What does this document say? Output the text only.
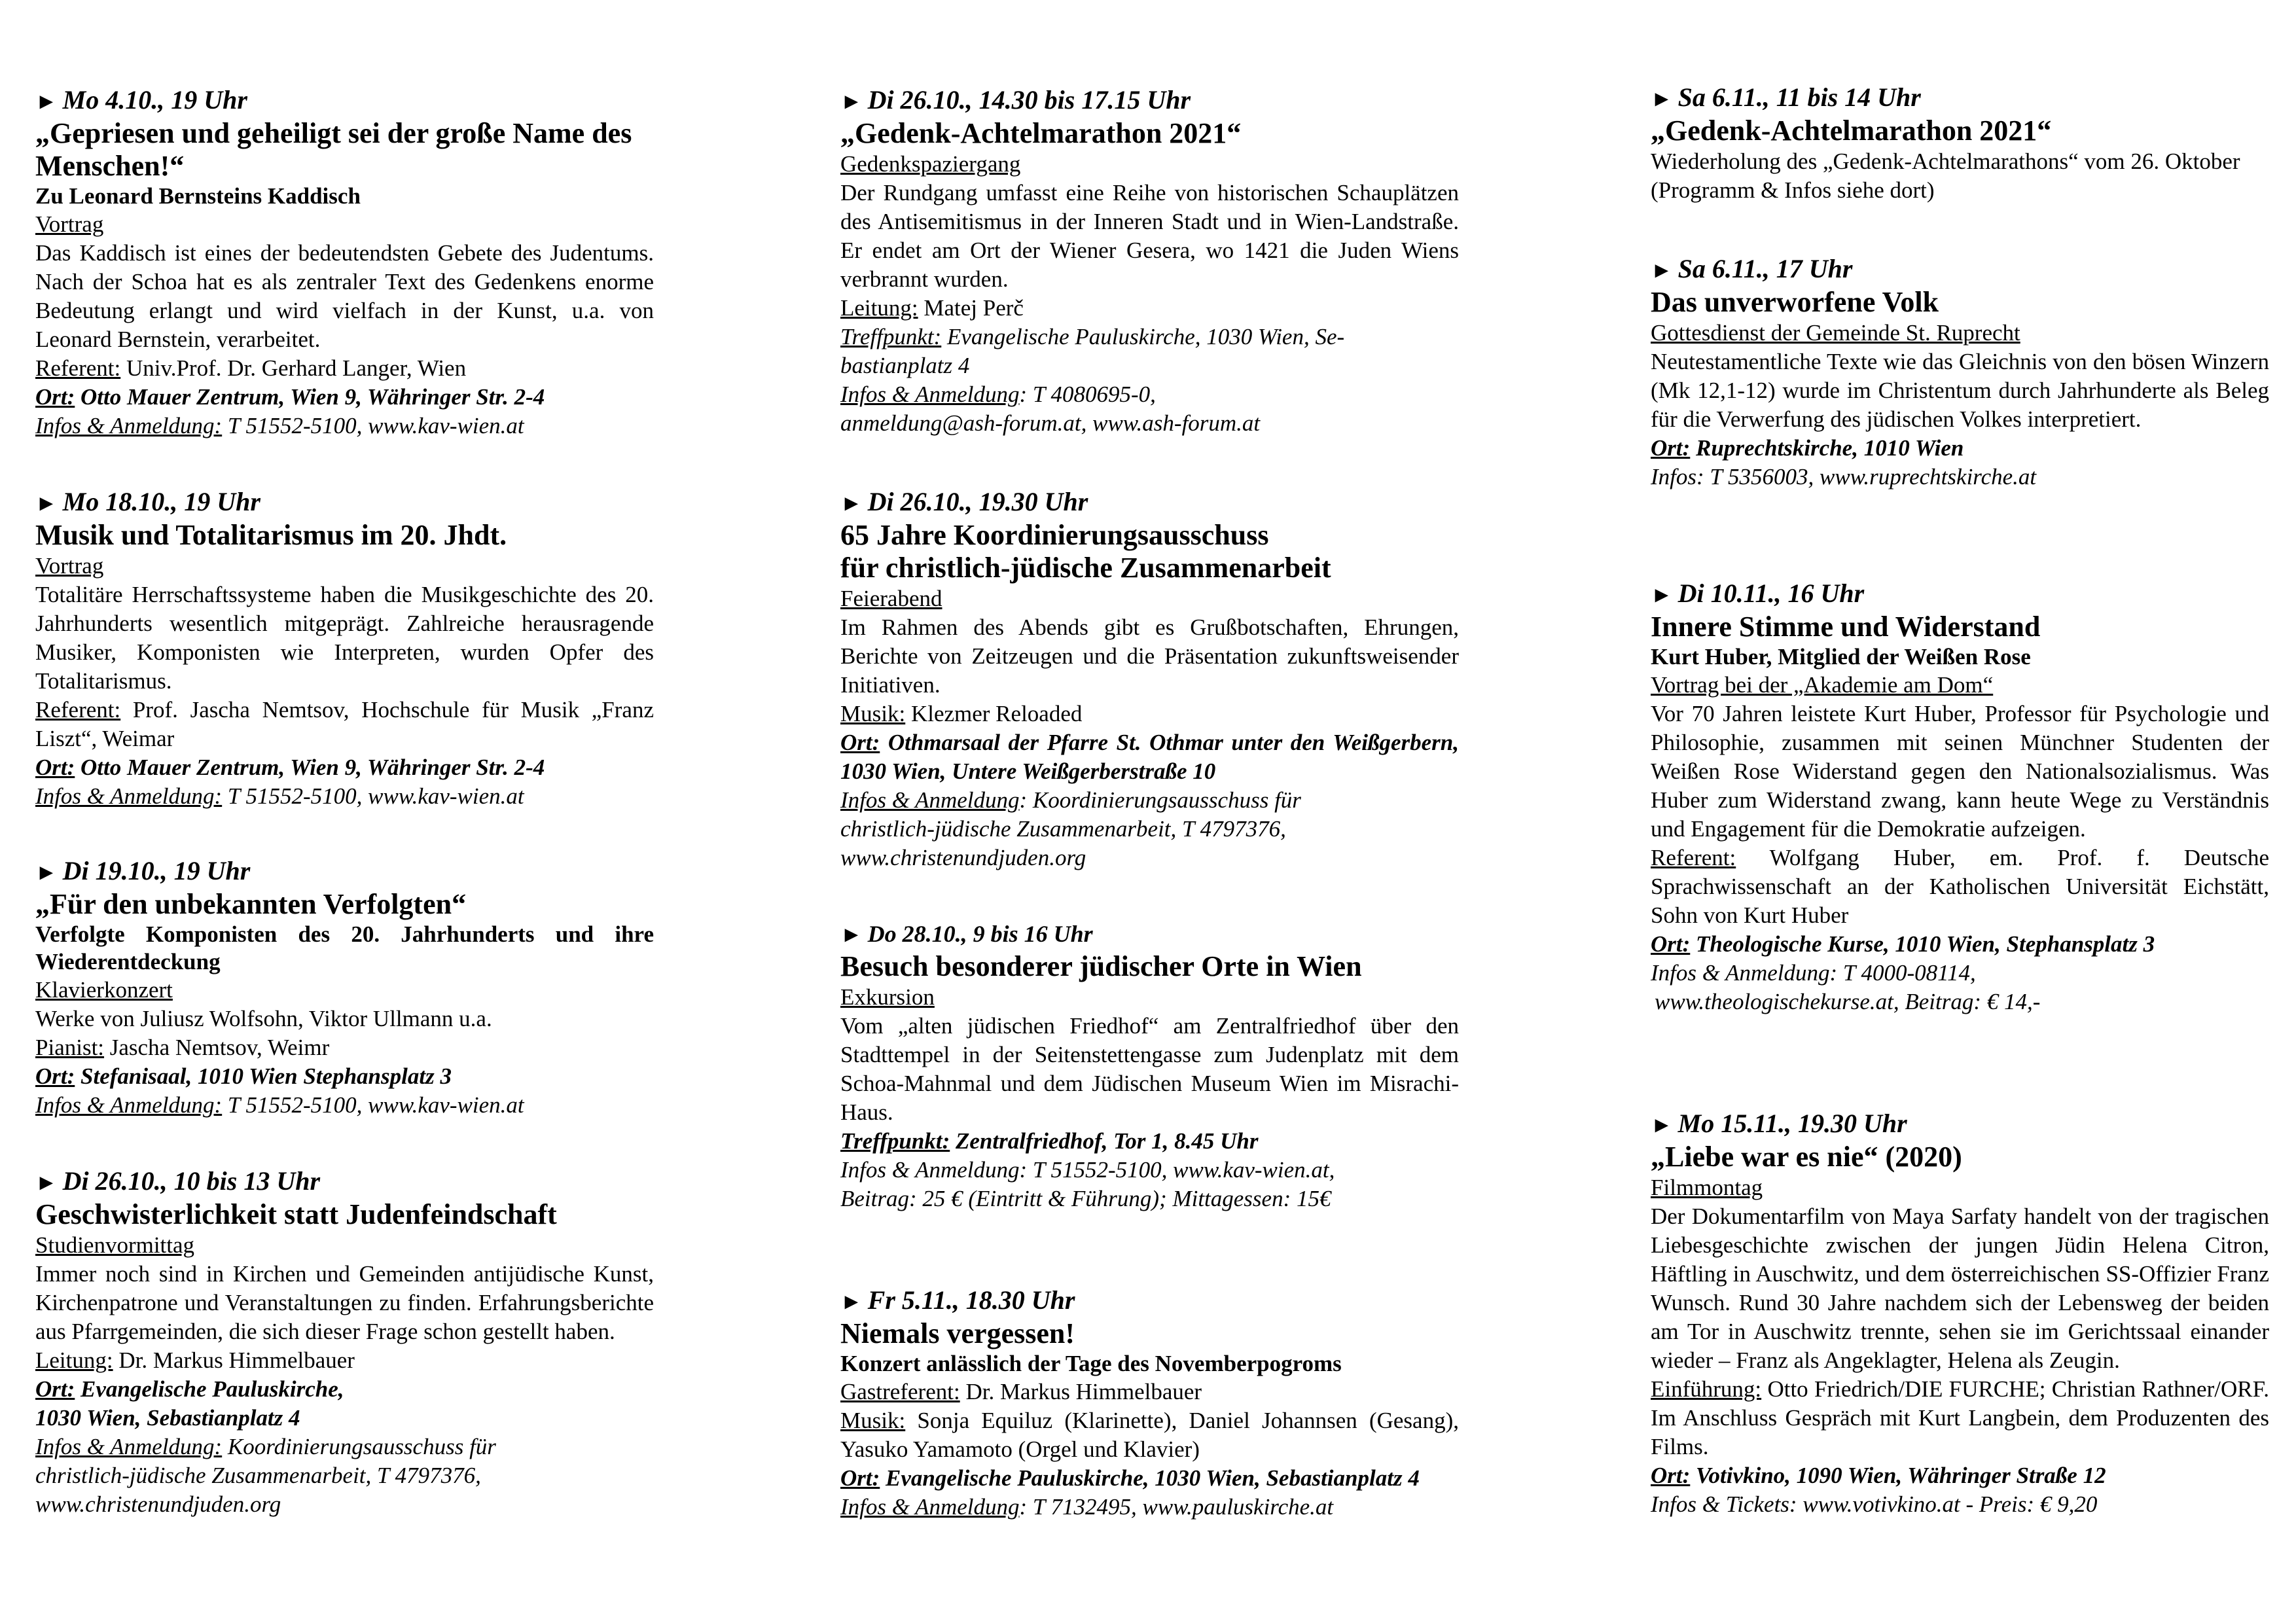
► Mo 4.10., 19 Uhr
„Gepriesen und geheiligt sei der große Name des Menschen!“
Zu Leonard Bernsteins Kaddisch
Vortrag
Das Kaddisch ist eines der bedeutendsten Gebete des Judentums. Nach der Schoa hat es als zentraler Text des Gedenkens enorme Bedeutung erlangt und wird vielfach in der Kunst, u.a. von Leonard Bernstein, verarbeitet.
Referent: Univ.Prof. Dr. Gerhard Langer, Wien
Ort: Otto Mauer Zentrum, Wien 9, Währinger Str. 2-4
Infos & Anmeldung: T 51552-5100, www.kav-wien.at
► Mo 18.10., 19 Uhr
Musik und Totalitarismus im 20. Jhdt.
Vortrag
Totalitäre Herrschaftssysteme haben die Musikgeschichte des 20. Jahrhunderts wesentlich mitgeprägt. Zahlreiche herausragende Musiker, Komponisten wie Interpreten, wurden Opfer des Totalitarismus.
Referent: Prof. Jascha Nemtsov, Hochschule für Musik „Franz Liszt“, Weimar
Ort: Otto Mauer Zentrum, Wien 9, Währinger Str. 2-4
Infos & Anmeldung: T 51552-5100, www.kav-wien.at
► Di 19.10., 19 Uhr
„Für den unbekannten Verfolgten“
Verfolgte Komponisten des 20. Jahrhunderts und ihre Wiederentdeckung
Klavierkonzert
Werke von Juliusz Wolfsohn, Viktor Ullmann u.a.
Pianist: Jascha Nemtsov, Weimr
Ort: Stefanisaal, 1010 Wien Stephansplatz 3
Infos & Anmeldung: T 51552-5100, www.kav-wien.at
► Di 26.10., 10 bis 13 Uhr
Geschwisterlichkeit statt Judenfeindschaft
Studienvormittag
Immer noch sind in Kirchen und Gemeinden antijüdische Kunst, Kirchenpatrone und Veranstaltungen zu finden. Erfahrungsberichte aus Pfarrgemeinden, die sich dieser Frage schon gestellt haben.
Leitung: Dr. Markus Himmelbauer
Ort: Evangelische Pauluskirche,
1030 Wien, Sebastianplatz 4
Infos & Anmeldung: Koordinierungsausschuss für
christlich-jüdische Zusammenarbeit, T 4797376,
www.christenundjuden.org
► Di 26.10., 14.30 bis 17.15 Uhr
„Gedenk-Achtelmarathon 2021“
Gedenkspaziergang
Der Rundgang umfasst eine Reihe von historischen Schauplätzen des Antisemitismus in der Inneren Stadt und in Wien-Landstraße. Er endet am Ort der Wiener Gesera, wo 1421 die Juden Wiens verbrannt wurden.
Leitung: Matej Perč
Treffpunkt: Evangelische Pauluskirche, 1030 Wien, Se-
bastianplatz 4
Infos & Anmeldung: T 4080695-0,
anmeldung@ash-forum.at, www.ash-forum.at
► Di 26.10., 19.30 Uhr
65 Jahre Koordinierungsausschuss
für christlich-jüdische Zusammenarbeit
Feierabend
Im Rahmen des Abends gibt es Grußbotschaften, Ehrungen, Berichte von Zeitzeugen und die Präsentation zukunftsweisender Initiativen.
Musik: Klezmer Reloaded
Ort: Othmarsaal der Pfarre St. Othmar unter den Weißgerbern, 1030 Wien, Untere Weißgerberstraße 10
Infos & Anmeldung: Koordinierungsausschuss für
christlich-jüdische Zusammenarbeit, T 4797376,
www.christenundjuden.org
► Do 28.10., 9 bis 16 Uhr
Besuch besonderer jüdischer Orte in Wien
Exkursion
Vom „alten jüdischen Friedhof“ am Zentralfriedhof über den Stadttempel in der Seitenstettengasse zum Judenplatz mit dem Schoa-Mahnmal und dem Jüdischen Museum Wien im Misrachi-Haus.
Treffpunkt: Zentralfriedhof, Tor 1, 8.45 Uhr
Infos & Anmeldung: T 51552-5100, www.kav-wien.at,
Beitrag: 25 € (Eintritt & Führung); Mittagessen: 15€
► Fr 5.11., 18.30 Uhr
Niemals vergessen!
Konzert anlässlich der Tage des Novemberpogroms
Gastreferent: Dr. Markus Himmelbauer
Musik: Sonja Equiluz (Klarinette), Daniel Johannsen (Gesang), Yasuko Yamamoto (Orgel und Klavier)
Ort: Evangelische Pauluskirche, 1030 Wien, Sebastianplatz 4
Infos & Anmeldung: T 7132495, www.pauluskirche.at
► Sa 6.11., 11 bis 14 Uhr
„Gedenk-Achtelmarathon 2021“
Wiederholung des „Gedenk-Achtelmarathons“ vom 26. Oktober (Programm & Infos siehe dort)
► Sa 6.11., 17 Uhr
Das unverworfene Volk
Gottesdienst der Gemeinde St. Ruprecht
Neutestamentliche Texte wie das Gleichnis von den bösen Winzern (Mk 12,1-12) wurde im Christentum durch Jahrhunderte als Beleg für die Verwerfung des jüdischen Volkes interpretiert.
Ort: Ruprechtskirche, 1010 Wien
Infos: T 5356003, www.ruprechtskirche.at
► Di 10.11., 16 Uhr
Innere Stimme und Widerstand
Kurt Huber, Mitglied der Weißen Rose
Vortrag bei der „Akademie am Dom“
Vor 70 Jahren leistete Kurt Huber, Professor für Psychologie und Philosophie, zusammen mit seinen Münchner Studenten der Weißen Rose Widerstand gegen den Nationalsozialismus. Was Huber zum Widerstand zwang, kann heute Wege zu Verständnis und Engagement für die Demokratie aufzeigen.
Referent: Wolfgang Huber, em. Prof. f. Deutsche Sprachwissenschaft an der Katholischen Universität Eichstätt, Sohn von Kurt Huber
Ort: Theologische Kurse, 1010 Wien, Stephansplatz 3
Infos & Anmeldung: T 4000-08114,
www.theologischekurse.at, Beitrag: € 14,-
► Mo 15.11., 19.30 Uhr
„Liebe war es nie“ (2020)
Filmmontag
Der Dokumentarfilm von Maya Sarfaty handelt von der tragischen Liebesgeschichte zwischen der jungen Jüdin Helena Citron, Häftling in Auschwitz, und dem österreichischen SS-Offizier Franz Wunsch. Rund 30 Jahre nachdem sich der Lebensweg der beiden am Tor in Auschwitz trennte, sehen sie im Gerichtssaal einander wieder – Franz als Angeklagter, Helena als Zeugin.
Einführung: Otto Friedrich/DIE FURCHE; Christian Rathner/ORF. Im Anschluss Gespräch mit Kurt Langbein, dem Produzenten des Films.
Ort: Votivkino, 1090 Wien, Währinger Straße 12
Infos & Tickets: www.votivkino.at - Preis: € 9,20
